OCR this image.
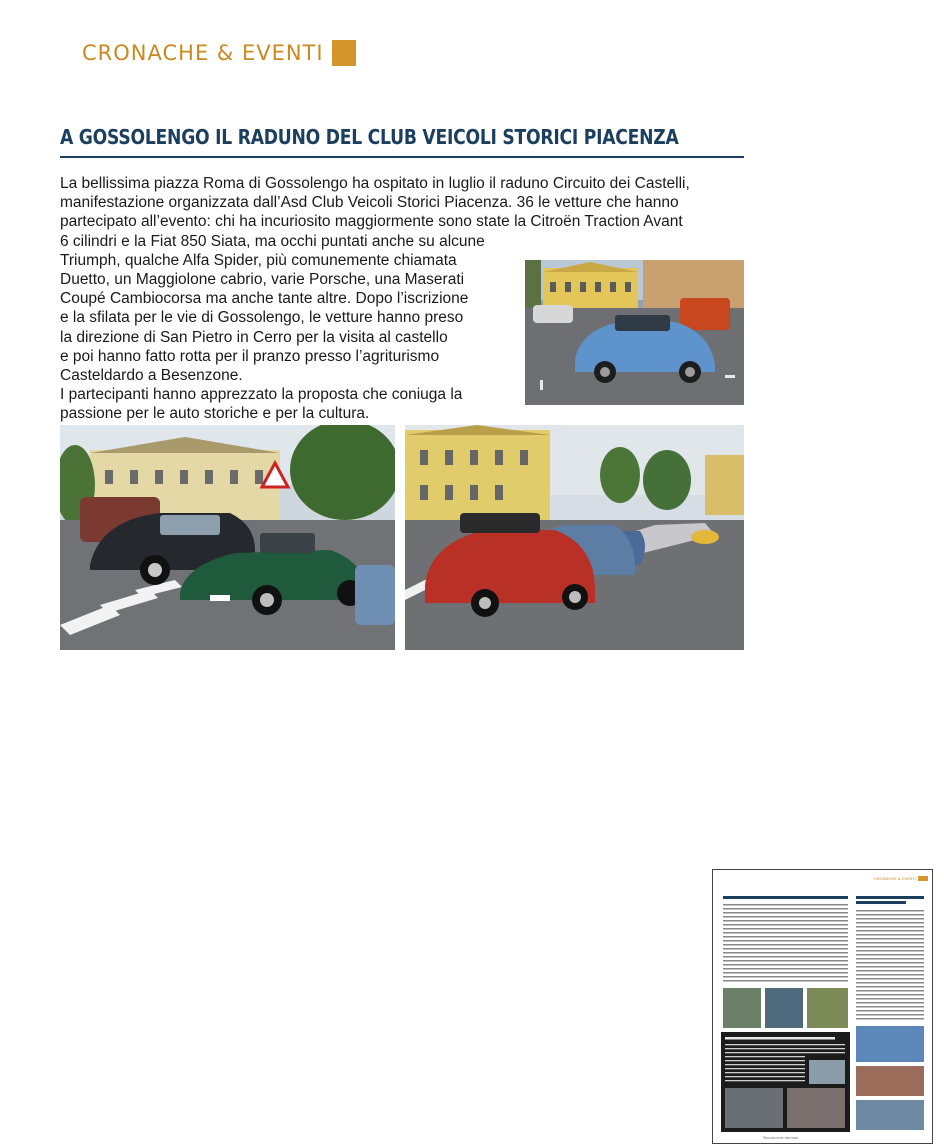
CRONACHE & EVENTI
A GOSSOLENGO IL RADUNO DEL CLUB VEICOLI STORICI PIACENZA
La bellissima piazza Roma di Gossolengo ha ospitato in luglio il raduno Circuito dei Castelli,
manifestazione organizzata dall’Asd Club Veicoli Storici Piacenza. 36 le vetture che hanno
partecipato all’evento: chi ha incuriosito maggiormente sono state la Citroën Traction Avant
6 cilindri e la Fiat 850 Siata, ma occhi puntati anche su alcune
Triumph, qualche Alfa Spider, più comunemente chiamata
Duetto, un Maggiolone cabrio, varie Porsche, una Maserati
Coupé Cambiocorsa ma anche tante altre. Dopo l’iscrizione
e la sfilata per le vie di Gossolengo, le vetture hanno preso
la direzione di San Pietro in Cerro per la visita al castello
e poi hanno fatto rotta per il pranzo presso l’agriturismo
Casteldardo a Besenzone.
I partecipanti hanno apprezzato la proposta che coniuga la
passione per le auto storiche e per la cultura.
CRONACHE & EVENTI
Riproduzione riservata
